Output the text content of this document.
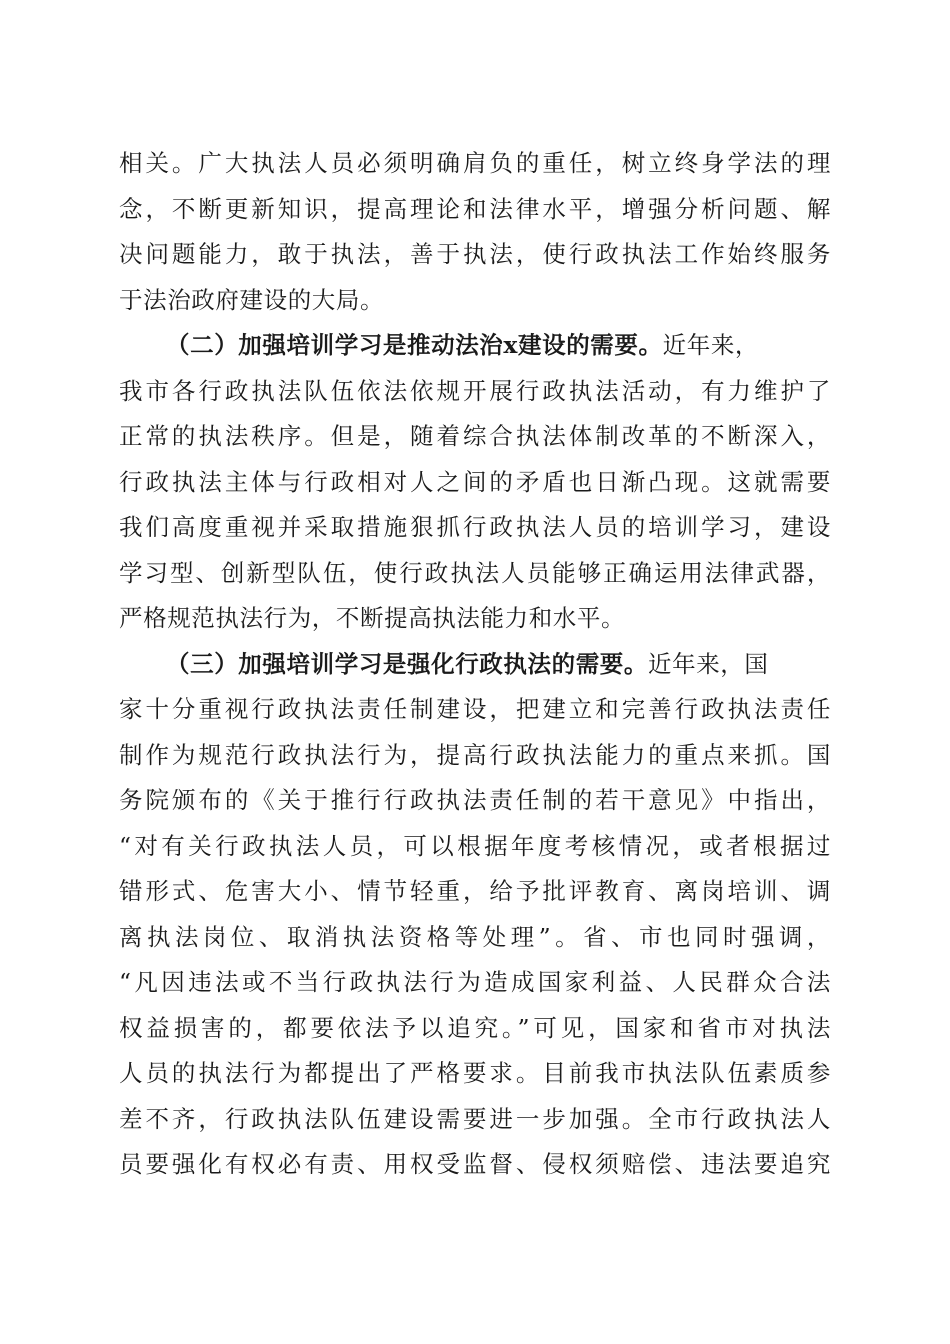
相关。广大执法人员必须明确肩负的重任，树立终身学法的理
念，不断更新知识，提高理论和法律水平，增强分析问题、解
决问题能力，敢于执法，善于执法，使行政执法工作始终服务
于法治政府建设的大局。
（二）加强培训学习是推动法治x建设的需要。近年来，
我市各行政执法队伍依法依规开展行政执法活动，有力维护了
正常的执法秩序。但是，随着综合执法体制改革的不断深入，
行政执法主体与行政相对人之间的矛盾也日渐凸现。这就需要
我们高度重视并采取措施狠抓行政执法人员的培训学习，建设
学习型、创新型队伍，使行政执法人员能够正确运用法律武器，
严格规范执法行为，不断提高执法能力和水平。
（三）加强培训学习是强化行政执法的需要。近年来，国
家十分重视行政执法责任制建设，把建立和完善行政执法责任
制作为规范行政执法行为，提高行政执法能力的重点来抓。国
务院颁布的《关于推行行政执法责任制的若干意见》中指出，
“对有关行政执法人员，可以根据年度考核情况，或者根据过
错形式、危害大小、情节轻重，给予批评教育、离岗培训、调
离执法岗位、取消执法资格等处理”。省、市也同时强调，
“凡因违法或不当行政执法行为造成国家利益、人民群众合法
权益损害的，都要依法予以追究。”可见，国家和省市对执法
人员的执法行为都提出了严格要求。目前我市执法队伍素质参
差不齐，行政执法队伍建设需要进一步加强。全市行政执法人
员要强化有权必有责、用权受监督、侵权须赔偿、违法要追究
